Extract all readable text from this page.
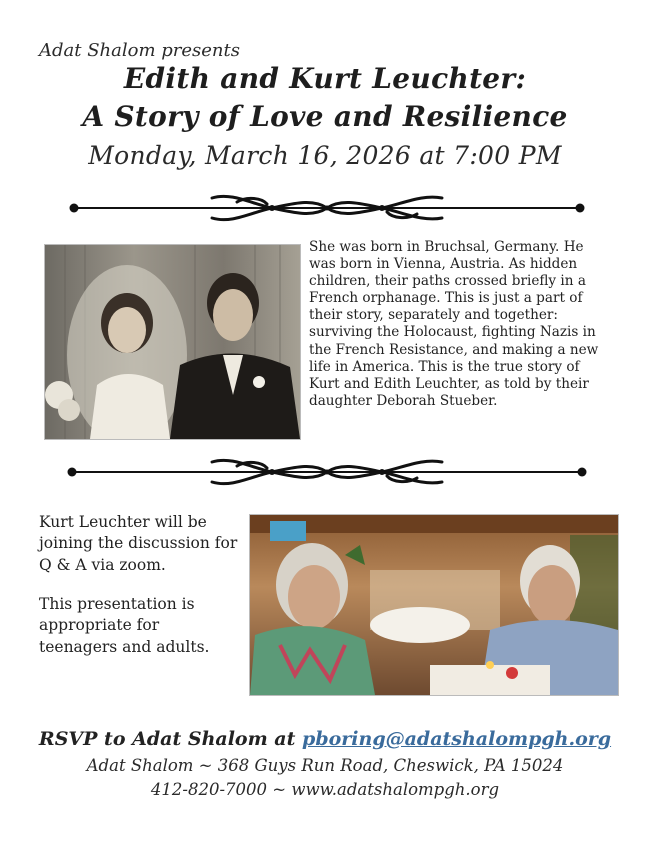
Adat Shalom presents
Edith and Kurt Leuchter:
A Story of Love and Resilience
Monday, March 16, 2026 at 7:00 PM
She was born in Bruchsal, Germany. He was born in Vienna, Austria. As hidden children, their paths crossed briefly in a French orphanage. This is just a part of their story, separately and together: surviving the Holocaust, fighting Nazis in the French Resistance, and making a new life in America. This is the true story of Kurt and Edith Leuchter, as told by their daughter Deborah Stueber.
Kurt Leuchter will be joining the discussion for Q & A via zoom.
This presentation is appropriate for teenagers and adults.
RSVP to Adat Shalom at pboring@adatshalompgh.org
Adat Shalom ~ 368 Guys Run Road, Cheswick, PA 15024
412-820-7000 ~ www.adatshalompgh.org
